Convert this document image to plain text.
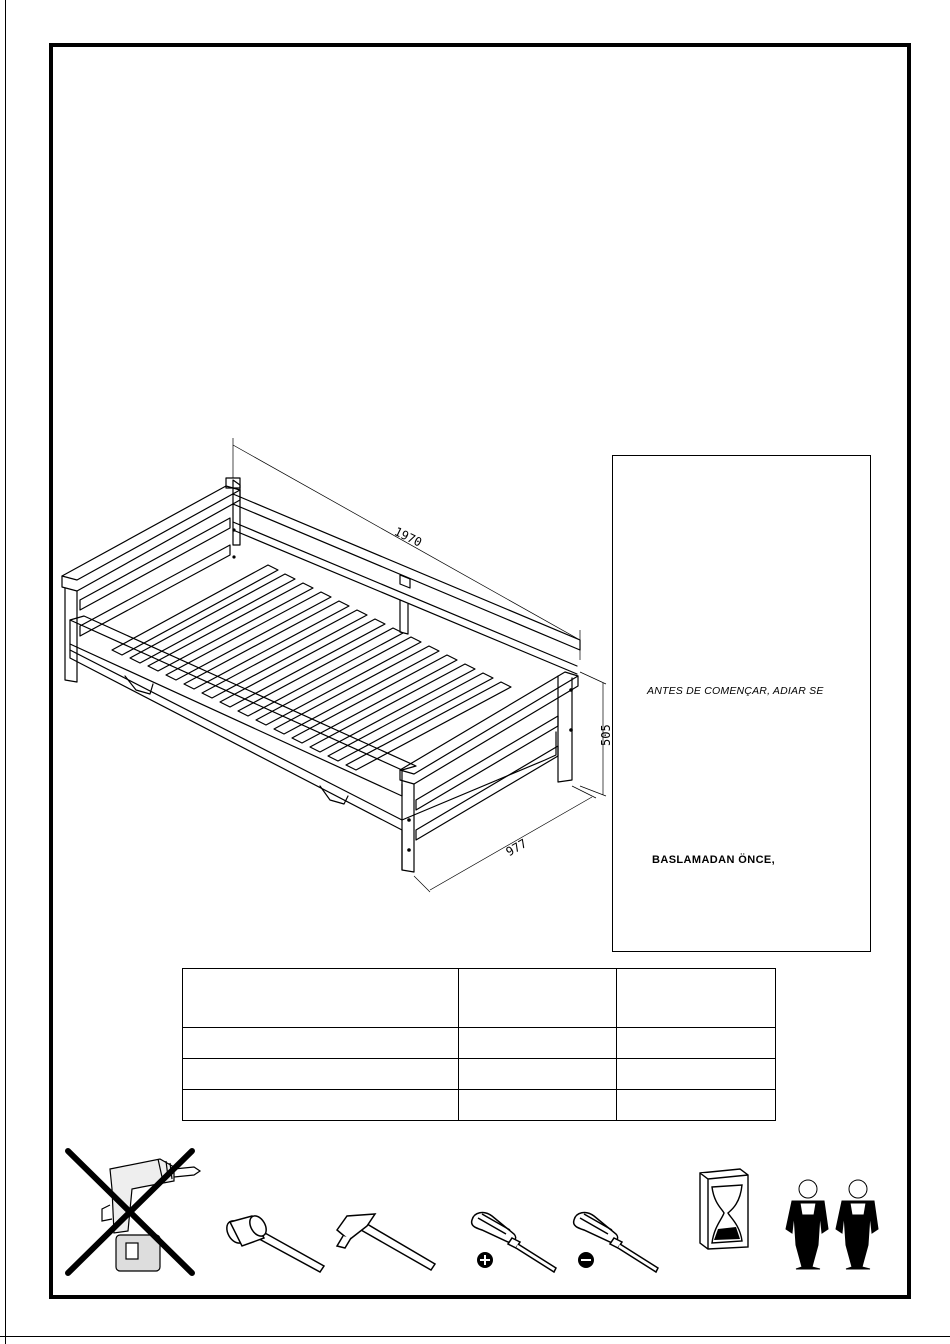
1970
505
977
ANTES DE COMENÇAR, ADIAR SE
BASLAMADAN ÖNCE,
